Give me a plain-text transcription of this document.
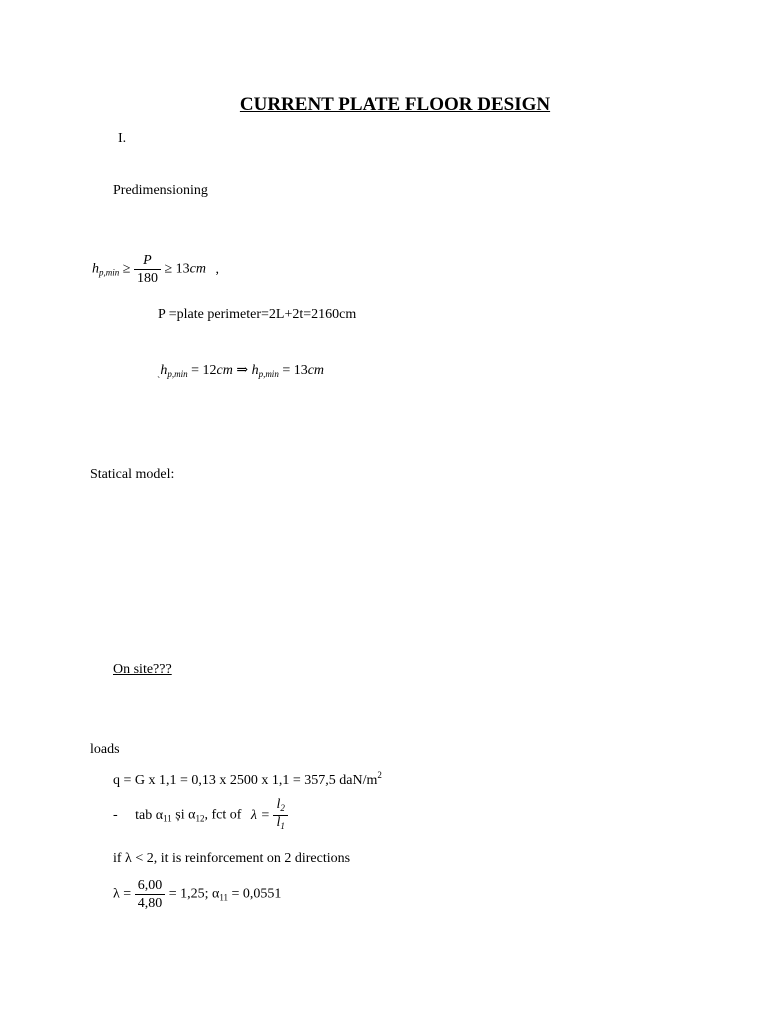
CURRENT PLATE FLOOR DESIGN
I.
Predimensioning
$h_{p,min} \ge \frac{P}{180} \ge 13cm$ ,
P =plate perimeter=2L+2t=2160cm
$_`h_{p,min} = 12cm$ ⇒ $h_{p,min} = 13cm$
Statical model:
On site???
loads
q = G x 1,1 = 0,13 x 2500 x 1,1 = 357,5 daN/$m^2$
- tab $\alpha_{11}$ și $\alpha_{12}$, fct of $\lambda = \frac{l_2}{l_1}$
if λ < 2, it is reinforcement on 2 directions
$\lambda = \frac{6,00}{4,80} = 1,25$; $\alpha_{11} = 0,0551$
